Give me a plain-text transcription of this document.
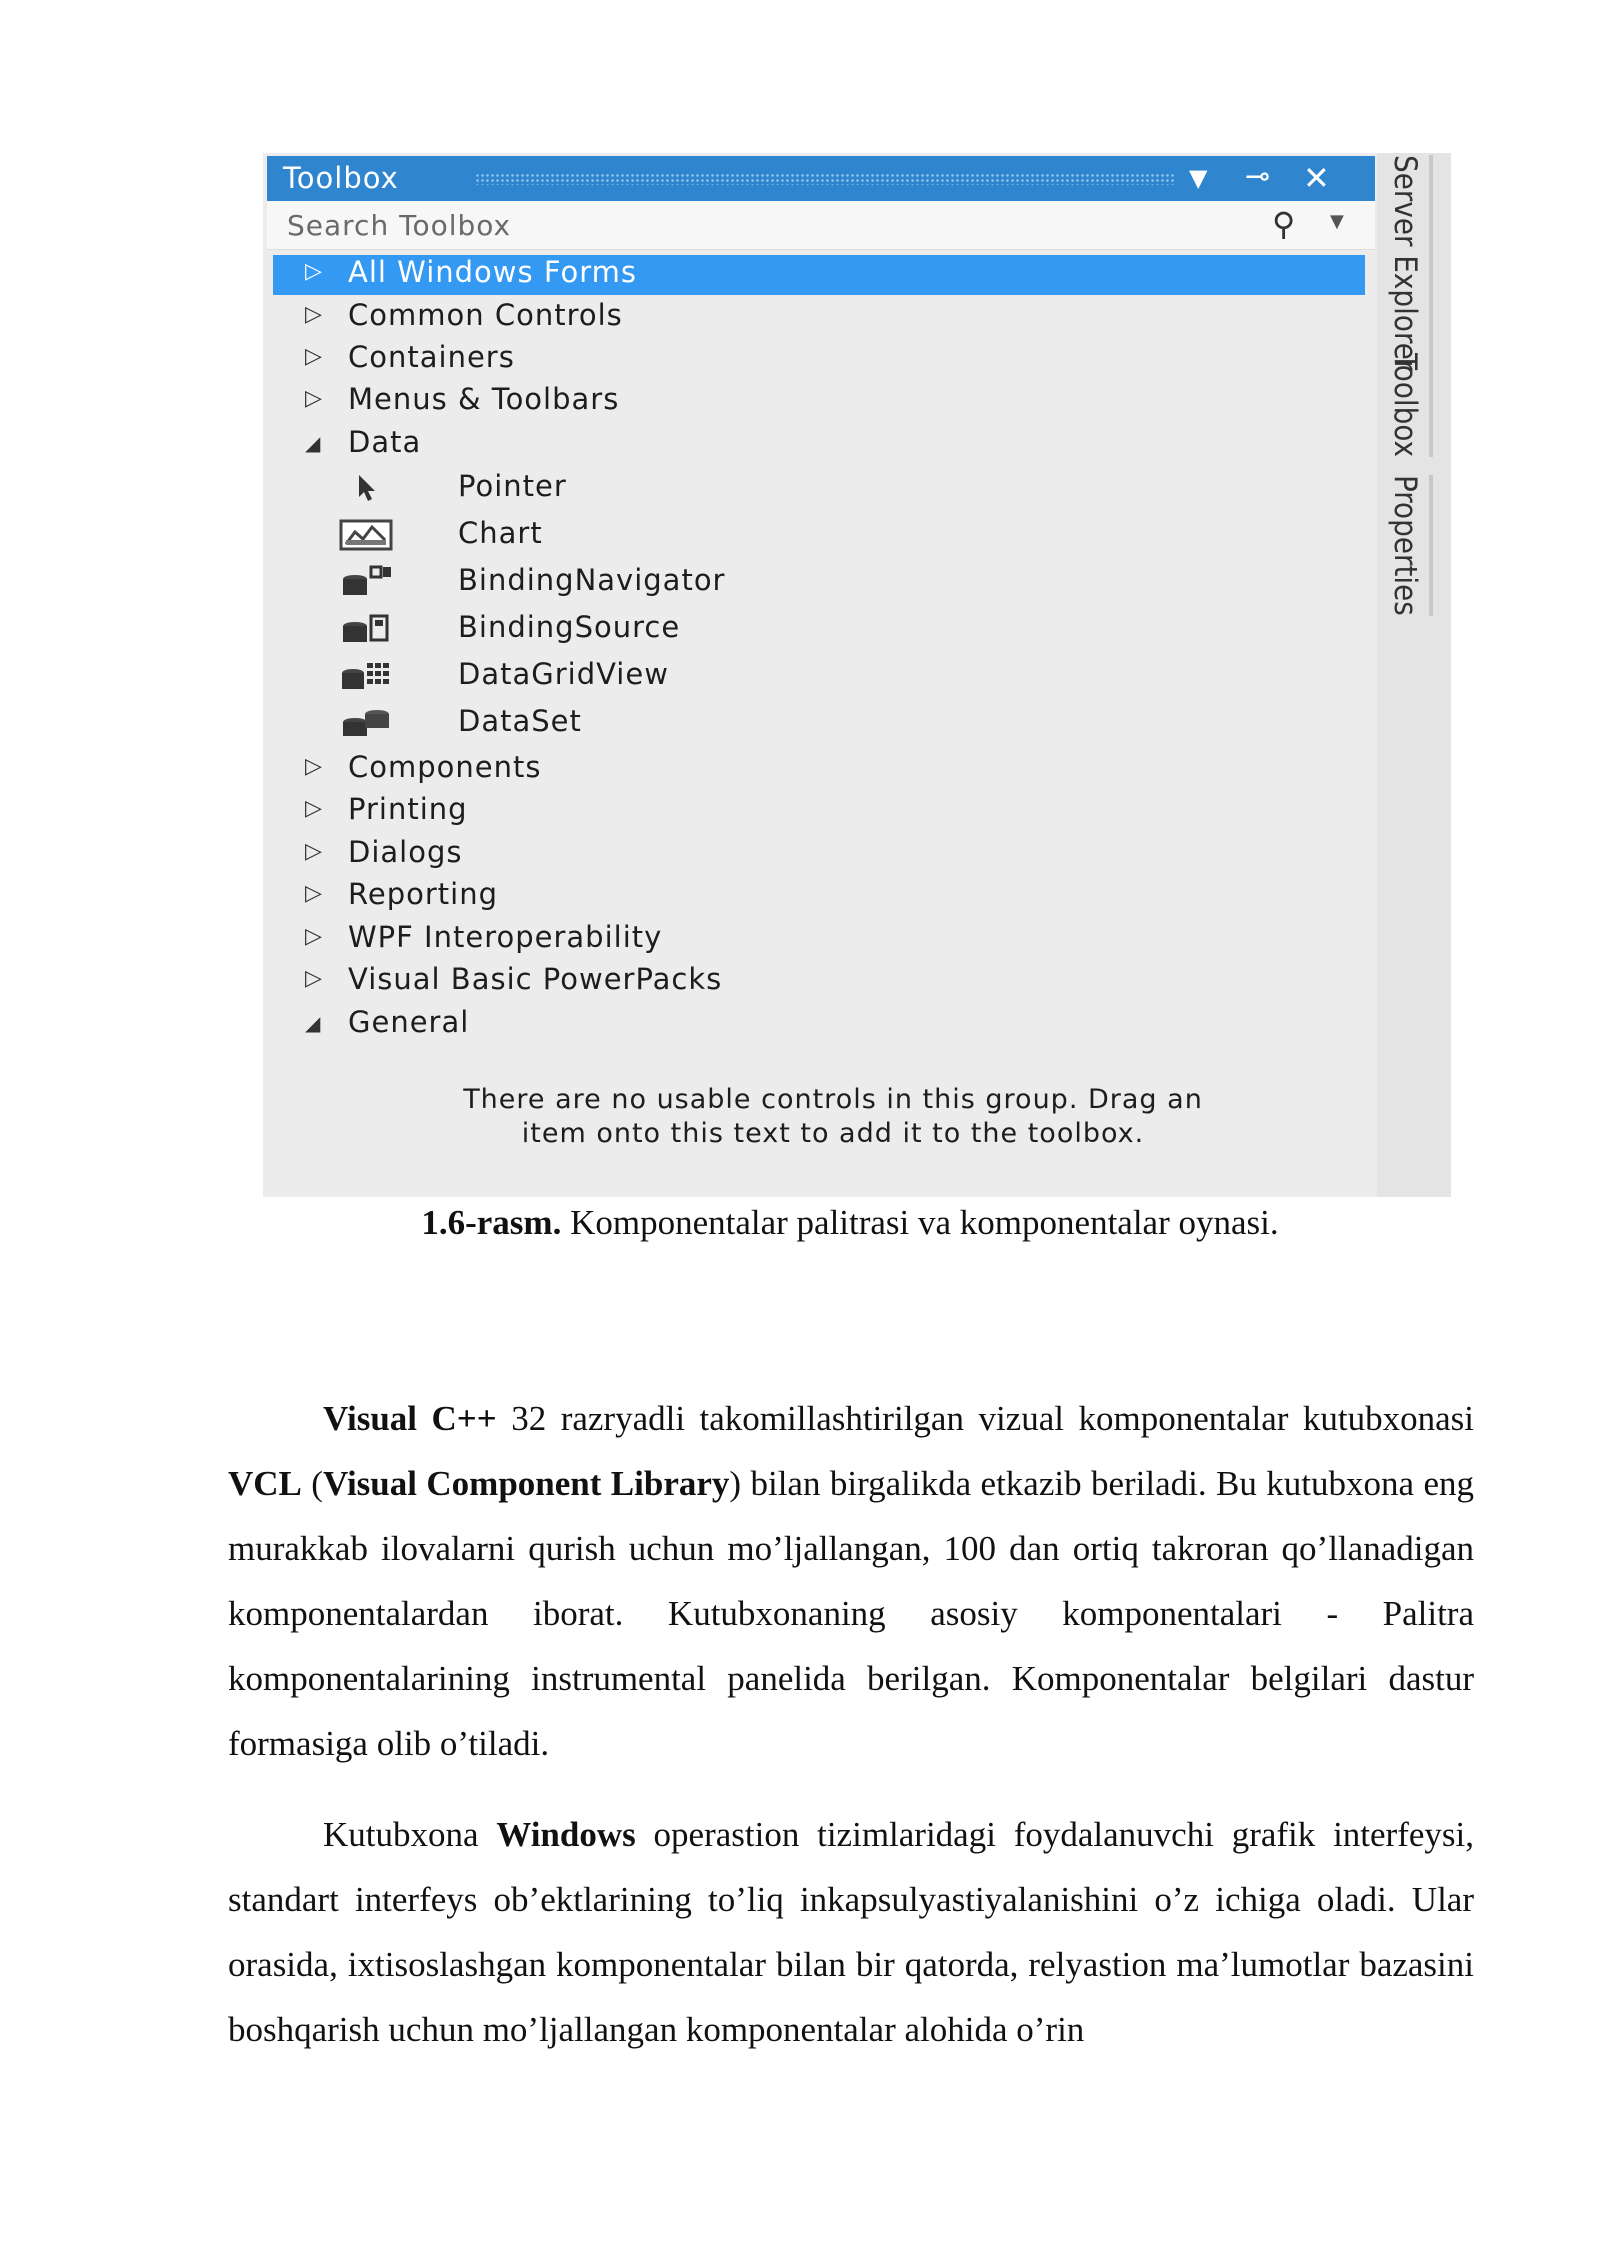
Toolbox	▼ ⊸ ✕
Search Toolbox	⚲ ▼
▷ All Windows Forms
▷ Common Controls
▷ Containers
▷ Menus & Toolbars
◢ Data
Pointer
Chart
BindingNavigator
BindingSource
DataGridView
DataSet
▷ Components
▷ Printing
▷ Dialogs
▷ Reporting
▷ WPF Interoperability
▷ Visual Basic PowerPacks
◢ General
There are no usable controls in this group. Drag an
item onto this text to add it to the toolbox.
Server Explorer
Toolbox
Properties
1.6-rasm. Komponentalar palitrasi va komponentalar oynasi.

Visual C++ 32 razryadli takomillashtirilgan vizual komponentalar kutubxonasi VCL (Visual Component Library) bilan birgalikda etkazib beriladi. Bu kutubxona eng murakkab ilovalarni qurish uchun mo’ljallangan, 100 dan ortiq takroran qo’llanadigan komponentalardan iborat. Kutubxonaning asosiy komponentalari - Palitra komponentalarining instrumental panelida berilgan. Komponentalar belgilari dastur formasiga olib o’tiladi.

Kutubxona Windows operastion tizimlaridagi foydalanuvchi grafik interfeysi, standart interfeys ob’ektlarining to’liq inkapsulyastiyalanishini o’z ichiga oladi. Ular orasida, ixtisoslashgan komponentalar bilan bir qatorda, relyastion ma’lumotlar bazasini boshqarish uchun mo’ljallangan komponentalar alohida o’rin
